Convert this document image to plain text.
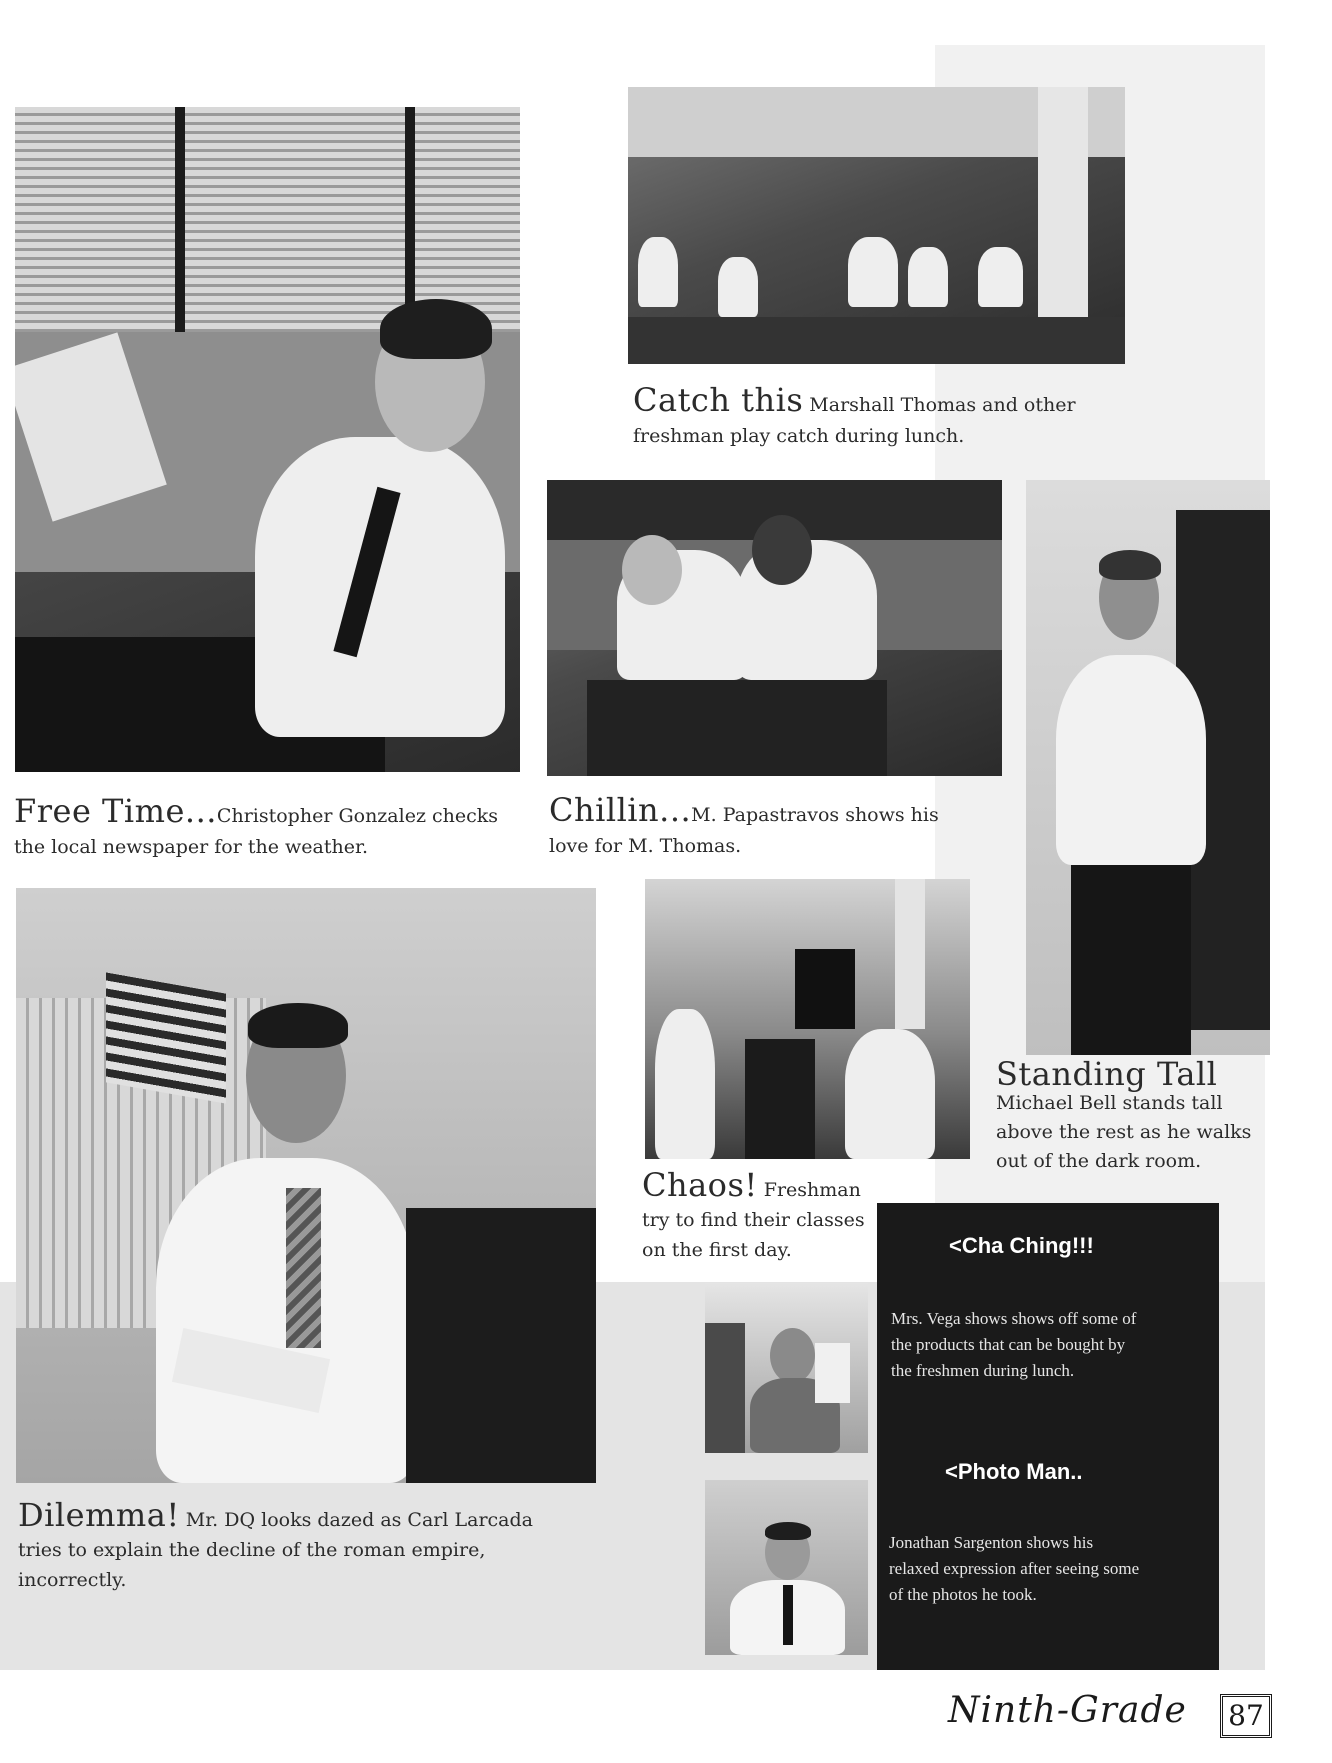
Catch this Marshall Thomas and other
freshman play catch during lunch.
Chillin...M. Papastravos shows his
love for M. Thomas.
Free Time...Christopher Gonzalez checks
the local newspaper for the weather.
Standing Tall
Michael Bell stands tall
above the rest as he walks
out of the dark room.
Dilemma! Mr. DQ looks dazed as Carl Larcada
tries to explain the decline of the roman empire,
incorrectly.
Chaos! Freshman
try to find their classes
on the first day.	<Cha Ching!!!
Mrs. Vega shows shows off some of
the products that can be bought by
the freshmen during lunch.
<Photo Man..
Jonathan Sargenton shows his
relaxed expression after seeing some
of the photos he took.
Ninth-Grade 87
